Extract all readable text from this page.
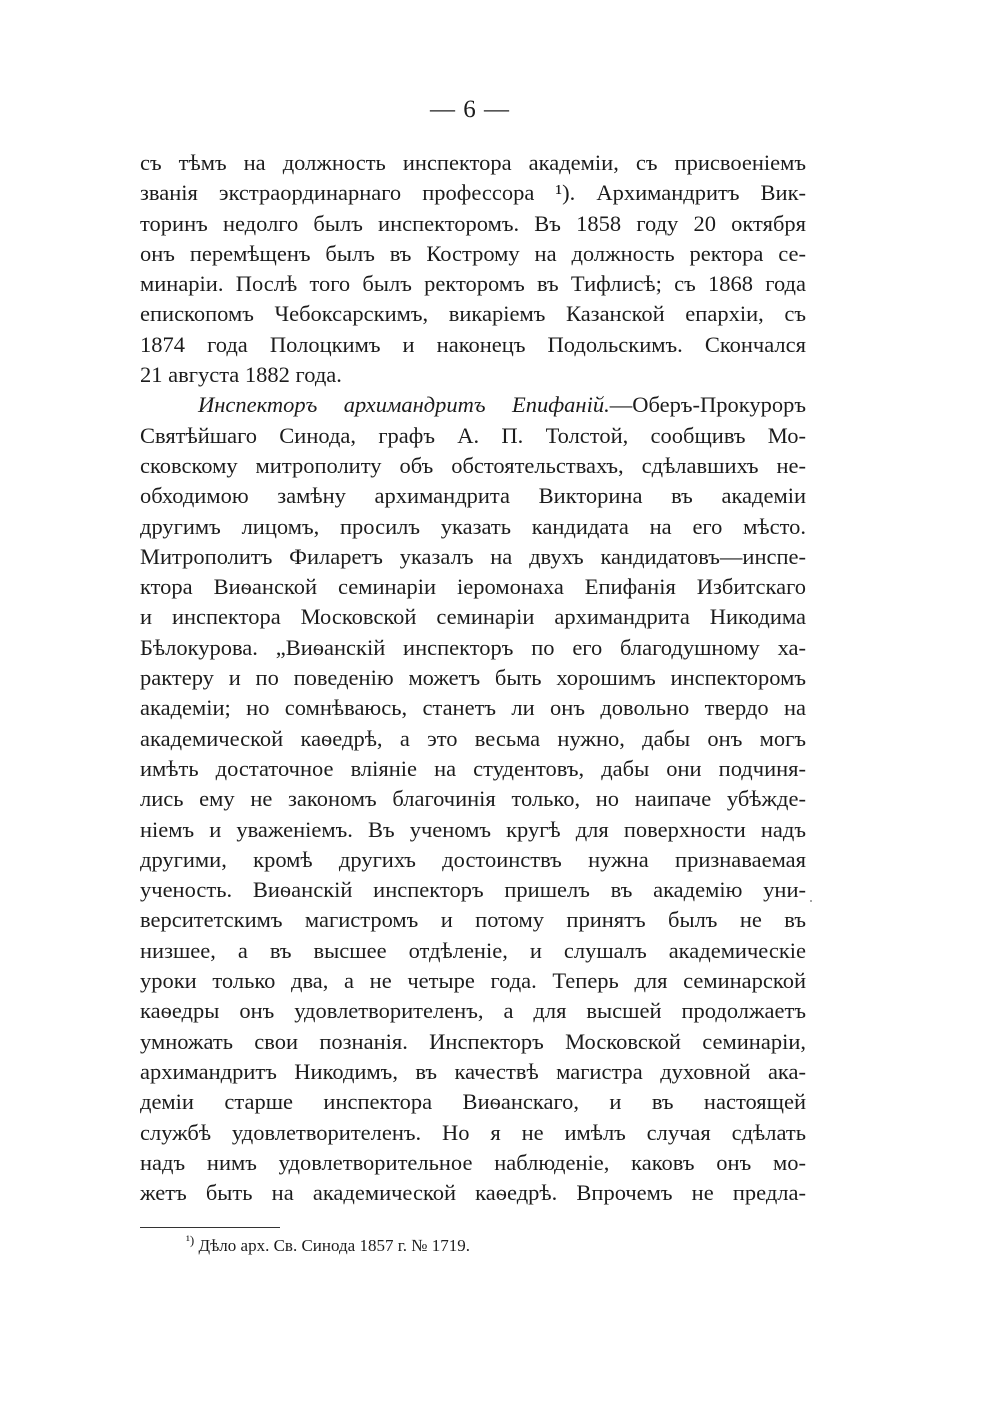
— 6 —
съ тѣмъ на должность инспектора академіи, съ присвоеніемъ
званія экстраординарнаго профессора ¹). Архимандритъ Вик-
торинъ недолго былъ инспекторомъ. Въ 1858 году 20 октября
онъ перемѣщенъ былъ въ Кострому на должность ректора се-
минаріи. Послѣ того былъ ректоромъ въ Тифлисѣ; съ 1868 года
епископомъ Чебоксарскимъ, викаріемъ Казанской епархіи, съ
1874 года Полоцкимъ и наконецъ Подольскимъ. Скончался
21 августа 1882 года.
Инспекторъ архимандритъ Епифаній.—Оберъ-Прокуроръ
Святѣйшаго Синода, графъ А. П. Толстой, сообщивъ Мо-
сковскому митрополиту объ обстоятельствахъ, сдѣлавшихъ не-
обходимою замѣну архимандрита Викторина въ академіи
другимъ лицомъ, просилъ указать кандидата на его мѣсто.
Митрополитъ Филаретъ указалъ на двухъ кандидатовъ—инспе-
ктора Виѳанской семинаріи іеромонаха Епифанія Избитскаго
и инспектора Московской семинаріи архимандрита Никодима
Бѣлокурова. „Виѳанскій инспекторъ по его благодушному ха-
рактеру и по поведенію можетъ быть хорошимъ инспекторомъ
академіи; но сомнѣваюсь, станетъ ли онъ довольно твердо на
академической каѳедрѣ, а это весьма нужно, дабы онъ могъ
имѣть достаточное вліяніе на студентовъ, дабы они подчиня-
лись ему не закономъ благочинія только, но наипаче убѣжде-
ніемъ и уваженіемъ. Въ ученомъ кругѣ для поверхности надъ
другими, кромѣ другихъ достоинствъ нужна признаваемая
ученость. Виѳанскій инспекторъ пришелъ въ академію уни-
верситетскимъ магистромъ и потому принятъ былъ не въ
низшее, а въ высшее отдѣленіе, и слушалъ академическіе
уроки только два, а не четыре года. Теперь для семинарской
каѳедры онъ удовлетворителенъ, а для высшей продолжаетъ
умножать свои познанія. Инспекторъ Московской семинаріи,
архимандритъ Никодимъ, въ качествѣ магистра духовной ака-
деміи старше инспектора Виѳанскаго, и въ настоящей
службѣ удовлетворителенъ. Но я не имѣлъ случая сдѣлать
надъ нимъ удовлетворительное наблюденіе, каковъ онъ мо-
жетъ быть на академической каѳедрѣ. Впрочемъ не предла-
$^{^1)}$ Дѣло арх. Св. Синода 1857 г. № 1719.
